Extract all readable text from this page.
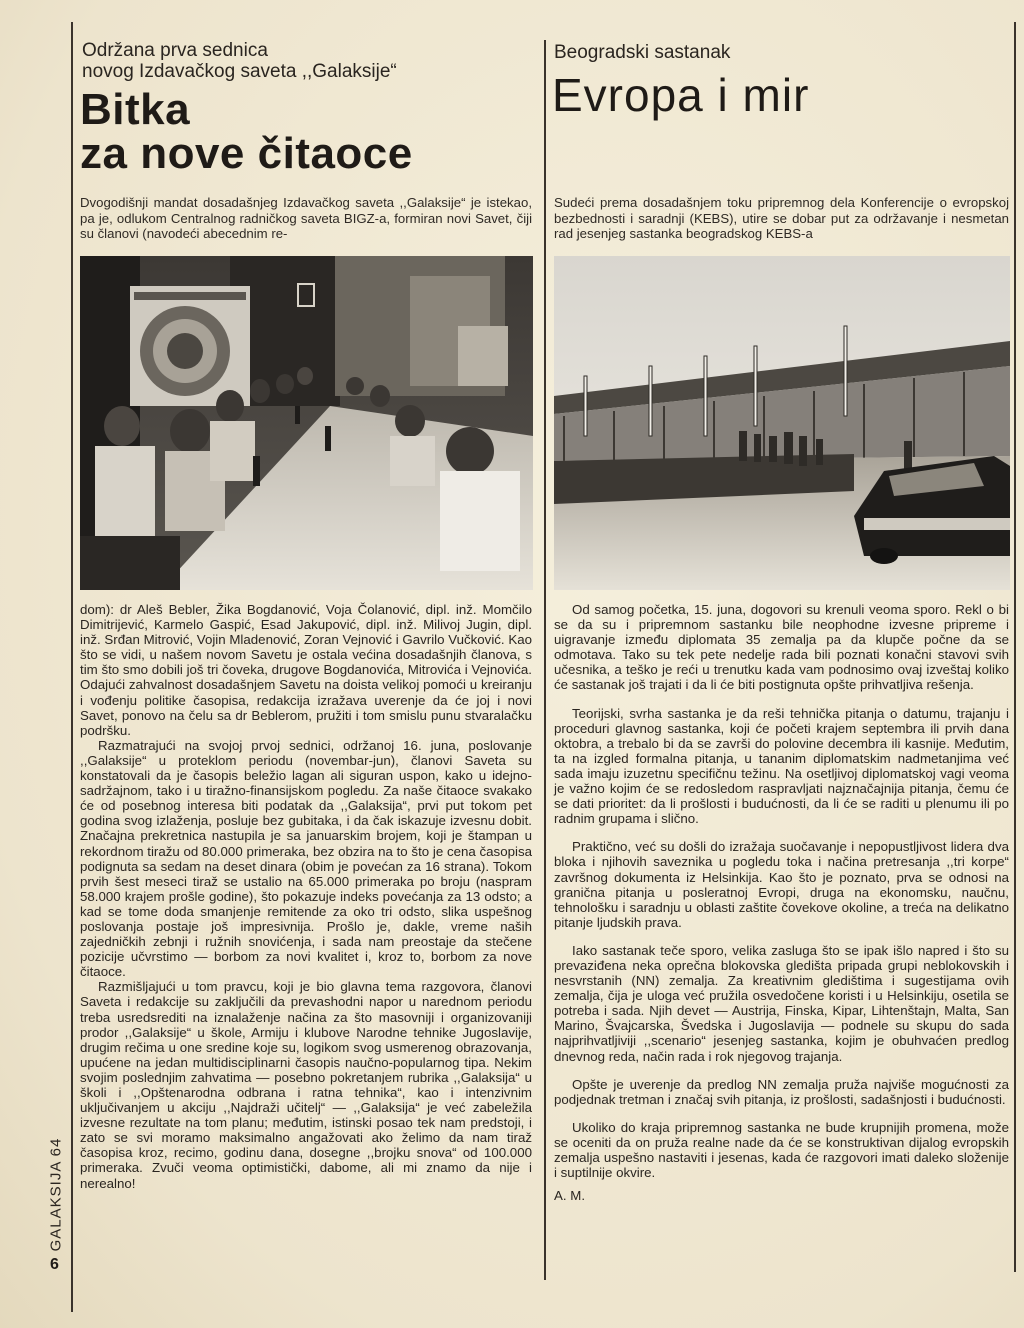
Održana prva sednica
novog Izdavačkog saveta ,,Galaksije“
Bitka
za nove čitaoce
Dvogodišnji mandat dosadašnjeg Izdavačkog saveta ,,Galaksije“ je istekao, pa je, odlukom Centralnog radničkog saveta BIGZ-a, formiran novi Savet, čiji su članovi (navodeći abecednim re-
Beogradski sastanak
Evropa i mir
Sudeći prema dosadašnjem toku pripremnog dela Konferencije o evropskoj bezbednosti i saradnji (KEBS), utire se dobar put za održavanje i nesmetan rad jesenjeg sastanka beogradskog KEBS-a

dom): dr Aleš Bebler, Žika Bogdanović, Voja Čolanović, dipl. inž. Momčilo Dimitrijević, Karmelo Gaspić, Esad Jakupović, dipl. inž. Milivoj Jugin, dipl. inž. Srđan Mitrović, Vojin Mladenović, Zoran Vejnović i Gavrilo Vučković. Kao što se vidi, u našem novom Savetu je ostala većina dosadašnjih članova, s tim što smo dobili još tri čoveka, drugove Bogdanovića, Mitrovića i Vejnovića. Odajući zahvalnost dosadašnjem Savetu na doista velikoj pomoći u kreiranju i vođenju politike časopisa, redakcija izražava uverenje da će joj i novi Savet, ponovo na čelu sa dr Beblerom, pružiti i tom smislu punu stvaralačku podršku.

Razmatrajući na svojoj prvoj sednici, održanoj 16. juna, poslovanje ,,Galaksije“ u proteklom periodu (novembar-jun), članovi Saveta su konstatovali da je časopis beležio lagan ali siguran uspon, kako u idejno-sadržajnom, tako i u tiražno-finansijskom pogledu. Za naše čitaoce svakako će od posebnog interesa biti podatak da ,,Galaksija“, prvi put tokom pet godina svog izlaženja, posluje bez gubitaka, i da čak iskazuje izvesnu dobit. Značajna prekretnica nastupila je sa januarskim brojem, koji je štampan u rekordnom tiražu od 80.000 primeraka, bez obzira na to što je cena časopisa podignuta sa sedam na deset dinara (obim je povećan za 16 strana). Tokom prvih šest meseci tiraž se ustalio na 65.000 primeraka po broju (naspram 58.000 krajem prošle godine), što pokazuje indeks povećanja za 13 odsto; a kad se tome doda smanjenje remitende za oko tri odsto, slika uspešnog poslovanja postaje još impresivnija. Prošlo je, dakle, vreme naših zajedničkih zebnji i ružnih snovićenja, i sada nam preostaje da stečene pozicije učvrstimo — borbom za novi kvalitet i, kroz to, borbom za nove čitaoce.

Razmišljajući u tom pravcu, koji je bio glavna tema razgovora, članovi Saveta i redakcije su zaključili da prevashodni napor u narednom periodu treba usredsrediti na iznalaženje načina za što masovniji i organizovaniji prodor ,,Galaksije“ u škole, Armiju i klubove Narodne tehnike Jugoslavije, drugim rečima u one sredine koje su, logikom svog usmerenog obrazovanja, upućene na jedan multidisciplinarni časopis naučno-popularnog tipa. Nekim svojim poslednjim zahvatima — posebno pokretanjem rubrika ,,Galaksija“ u školi i ,,Opštenarodna odbrana i ratna tehnika“, kao i intenzivnim uključivanjem u akciju ,,Najdraži učitelj“ — ,,Galaksija“ je već zabeležila izvesne rezultate na tom planu; međutim, istinski posao tek nam predstoji, i zato se svi moramo maksimalno angažovati ako želimo da nam tiraž časopisa kroz, recimo, godinu dana, dosegne ,,brojku snova“ od 100.000 primeraka. Zvuči veoma optimistički, dabome, ali mi znamo da nije i nerealno!

Od samog početka, 15. juna, dogovori su krenuli veoma sporo. Rekl o bi se da su i pripremnom sastanku bile neophodne izvesne pripreme i uigravanje između diplomata 35 zemalja pa da klupče počne da se odmotava. Tako su tek pete nedelje rada bili poznati konačni stavovi svih učesnika, a teško je reći u trenutku kada vam podnosimo ovaj izveštaj koliko će sastanak još trajati i da li će biti postignuta opšte prihvatljiva rešenja.

Teorijski, svrha sastanka je da reši tehnička pitanja o datumu, trajanju i proceduri glavnog sastanka, koji će početi krajem septembra ili prvih dana oktobra, a trebalo bi da se završi do polovine decembra ili kasnije. Međutim, ta na izgled formalna pitanja, u tananim diplomatskim nadmetanjima već sada imaju izuzetnu specifičnu težinu. Na osetljivoj diplomatskoj vagi veoma je važno kojim će se redosledom raspravljati najznačajnija pitanja, čemu će se dati prioritet: da li prošlosti i budućnosti, da li će se raditi u plenumu ili po radnim grupama i slično.

Praktično, već su došli do izražaja suočavanje i nepopustljivost lidera dva bloka i njihovih saveznika u pogledu toka i načina pretresanja ,,tri korpe“ završnog dokumenta iz Helsinkija. Kao što je poznato, prva se odnosi na granična pitanja u posleratnoj Evropi, druga na ekonomsku, naučnu, tehnološku i saradnju u oblasti zaštite čovekove okoline, a treća na delikatno pitanje ljudskih prava.

Iako sastanak teče sporo, velika zasluga što se ipak išlo napred i što su prevaziđena neka oprečna blokovska gledišta pripada grupi neblokovskih i nesvrstanih (NN) zemalja. Za kreativnim gledištima i sugestijama ovih zemalja, čija je uloga već pružila osvedočene koristi i u Helsinkiju, osetila se potreba i sada. Njih devet — Austrija, Finska, Kipar, Lihtenštajn, Malta, San Marino, Švajcarska, Švedska i Jugoslavija — podnele su skupu do sada najprihvatljiviji ,,scenario“ jesenjeg sastanka, kojim je obuhvaćen predlog dnevnog reda, način rada i rok njegovog trajanja.

Opšte je uverenje da predlog NN zemalja pruža najviše mogućnosti za podjednak tretman i značaj svih pitanja, iz prošlosti, sadašnjosti i budućnosti.

Ukoliko do kraja pripremnog sastanka ne bude krupnijih promena, može se oceniti da on pruža realne nade da će se konstruktivan dijalog evropskih zemalja uspešno nastaviti i jesenas, kada će razgovori imati daleko složenije i suptilnije okvire.

A. M.

GALAKSIJA 64
6
